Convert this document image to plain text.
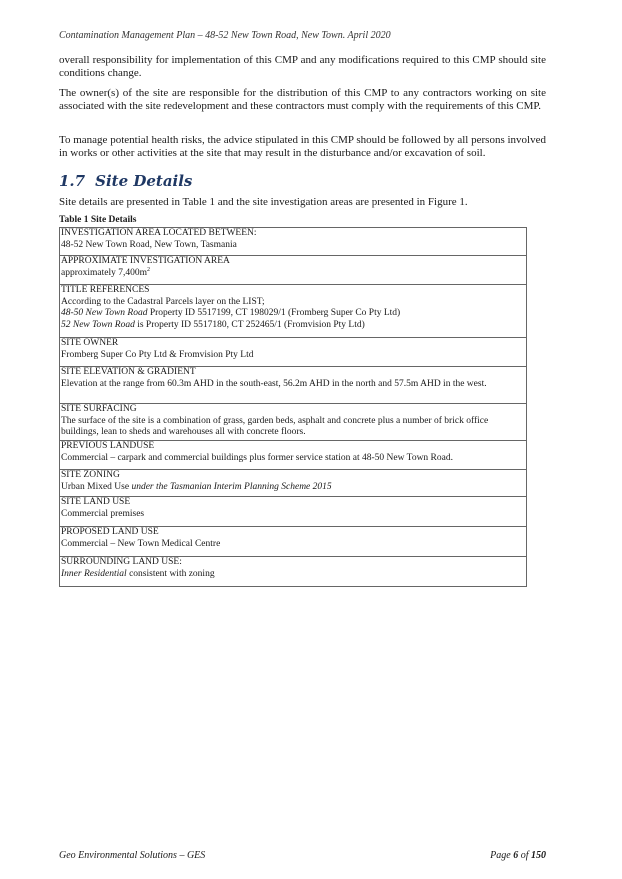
Contamination Management Plan – 48-52 New Town Road, New Town. April 2020
overall responsibility for implementation of this CMP and any modifications required to this CMP should site conditions change.
The owner(s) of the site are responsible for the distribution of this CMP to any contractors working on site associated with the site redevelopment and these contractors must comply with the requirements of this CMP.
To manage potential health risks, the advice stipulated in this CMP should be followed by all persons involved in works or other activities at the site that may result in the disturbance and/or excavation of soil.
1.7 Site Details
Site details are presented in Table 1 and the site investigation areas are presented in Figure 1.
Table 1 Site Details
INVESTIGATION AREA LOCATED BETWEEN:
48-52 New Town Road, New Town, Tasmania
APPROXIMATE INVESTIGATION AREA
approximately $7,400m^2$
TITLE REFERENCES
According to the Cadastral Parcels layer on the LIST;
48-50 New Town Road Property ID 5517199, CT 198029/1 (Fromberg Super Co Pty Ltd)
52 New Town Road is Property ID 5517180, CT 252465/1 (Fromvision Pty Ltd)
SITE OWNER
Fromberg Super Co Pty Ltd & Fromvision Pty Ltd
SITE ELEVATION & GRADIENT
Elevation at the range from 60.3m AHD in the south-east, 56.2m AHD in the north and 57.5m AHD in the west.
SITE SURFACING
The surface of the site is a combination of grass, garden beds, asphalt and concrete plus a number of brick office buildings, lean to sheds and warehouses all with concrete floors.
PREVIOUS LANDUSE
Commercial – carpark and commercial buildings plus former service station at 48-50 New Town Road.
SITE ZONING
Urban Mixed Use under the Tasmanian Interim Planning Scheme 2015
SITE LAND USE
Commercial premises
PROPOSED LAND USE
Commercial – New Town Medical Centre
SURROUNDING LAND USE:
Inner Residential consistent with zoning
Geo Environmental Solutions – GES	Page 6 of 150
